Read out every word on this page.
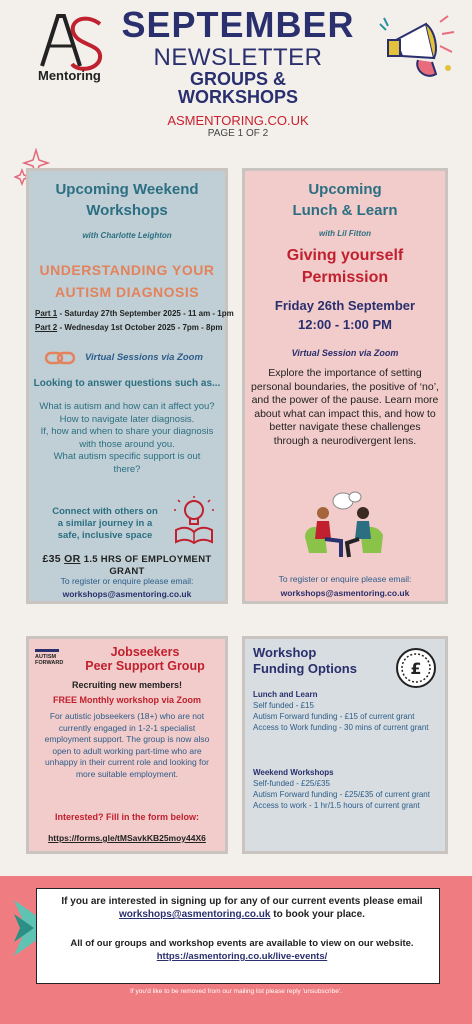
Mentoring
SEPTEMBER
NEWSLETTER
GROUPS &
WORKSHOPS
ASMENTORING.CO.UK
PAGE 1 OF 2
Upcoming Weekend
Workshops
with Charlotte Leighton
UNDERSTANDING YOUR
AUTISM DIAGNOSIS
Part 1 - Saturday 27th September 2025 - 11 am - 1pm
Part 2 - Wednesday 1st October 2025 - 7pm - 8pm
Virtual Sessions via Zoom
Looking to answer questions such as...
What is autism and how can it affect you?
How to navigate later diagnosis.
If, how and when to share your diagnosis with those around you.
What autism specific support is out there?
Connect with others on a similar journey in a safe, inclusive space
£35 OR 1.5 HRS OF EMPLOYMENT GRANT
To register or enquire please email:
workshops@asmentoring.co.uk
Upcoming
Lunch & Learn
with Lil Fitton
Giving yourself
Permission
Friday 26th September
12:00 - 1:00 PM
Virtual Session via Zoom
Explore the importance of setting personal boundaries, the positive of ‘no’, and the power of the pause. Learn more about what can impact this, and how to better navigate these challenges through a neurodivergent lens.
To register or enquire please email:
workshops@asmentoring.co.uk
AUTISM
FORWARD
Jobseekers
Peer Support Group
Recruiting new members!
FREE Monthly workshop via Zoom
For autistic jobseekers (18+) who are not currently engaged in 1-2-1 specialist employment support. The group is now also open to adult working part-time who are unhappy in their current role and looking for more suitable employment.
Interested? Fill in the form below:
https://forms.gle/tMSavkKB25moy44X6
Workshop
Funding Options	£
Lunch and Learn
Self funded - £15
Autism Forward funding - £15 of current grant
Access to Work funding - 30 mins of current grant
Weekend Workshops
Self-funded - £25/£35
Autism Forward funding - £25/£35 of current grant
Access to work - 1 hr/1.5 hours of current grant
If you are interested in signing up for any of our current events please email workshops@asmentoring.co.uk to book your place.
All of our groups and workshop events are available to view on our website.
https://asmentoring.co.uk/live-events/
If you'd like to be removed from our mailing list please reply 'unsubscribe'.
